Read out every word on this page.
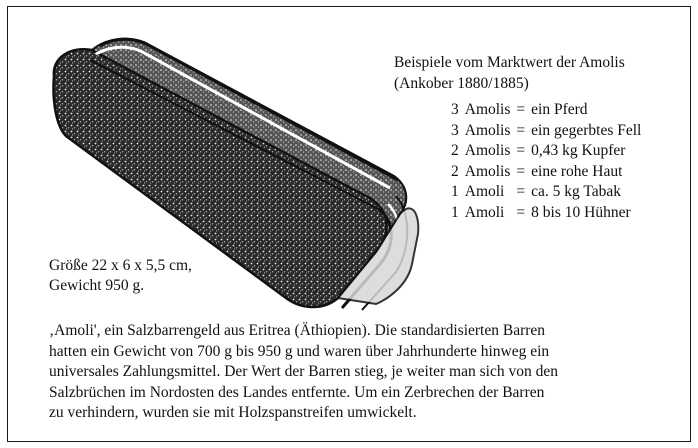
Beispiele vom Marktwert der Amolis
(Ankober 1880/1885)
3	Amolis	=	ein Pferd
3	Amolis	=	ein gegerbtes Fell
2	Amolis	=	0,43 kg Kupfer
2	Amolis	=	eine rohe Haut
1	Amoli	=	ca. 5 kg Tabak
1	Amoli	=	8 bis 10 Hühner
Größe 22 x 6 x 5,5 cm,
Gewicht 950 g.
‚Amoli', ein Salzbarrengeld aus Eritrea (Äthiopien). Die standardisierten Barren
hatten ein Gewicht von 700 g bis 950 g und waren über Jahrhunderte hinweg ein
universales Zahlungsmittel. Der Wert der Barren stieg, je weiter man sich von den
Salzbrüchen im Nordosten des Landes entfernte. Um ein Zerbrechen der Barren
zu verhindern, wurden sie mit Holzspanstreifen umwickelt.
